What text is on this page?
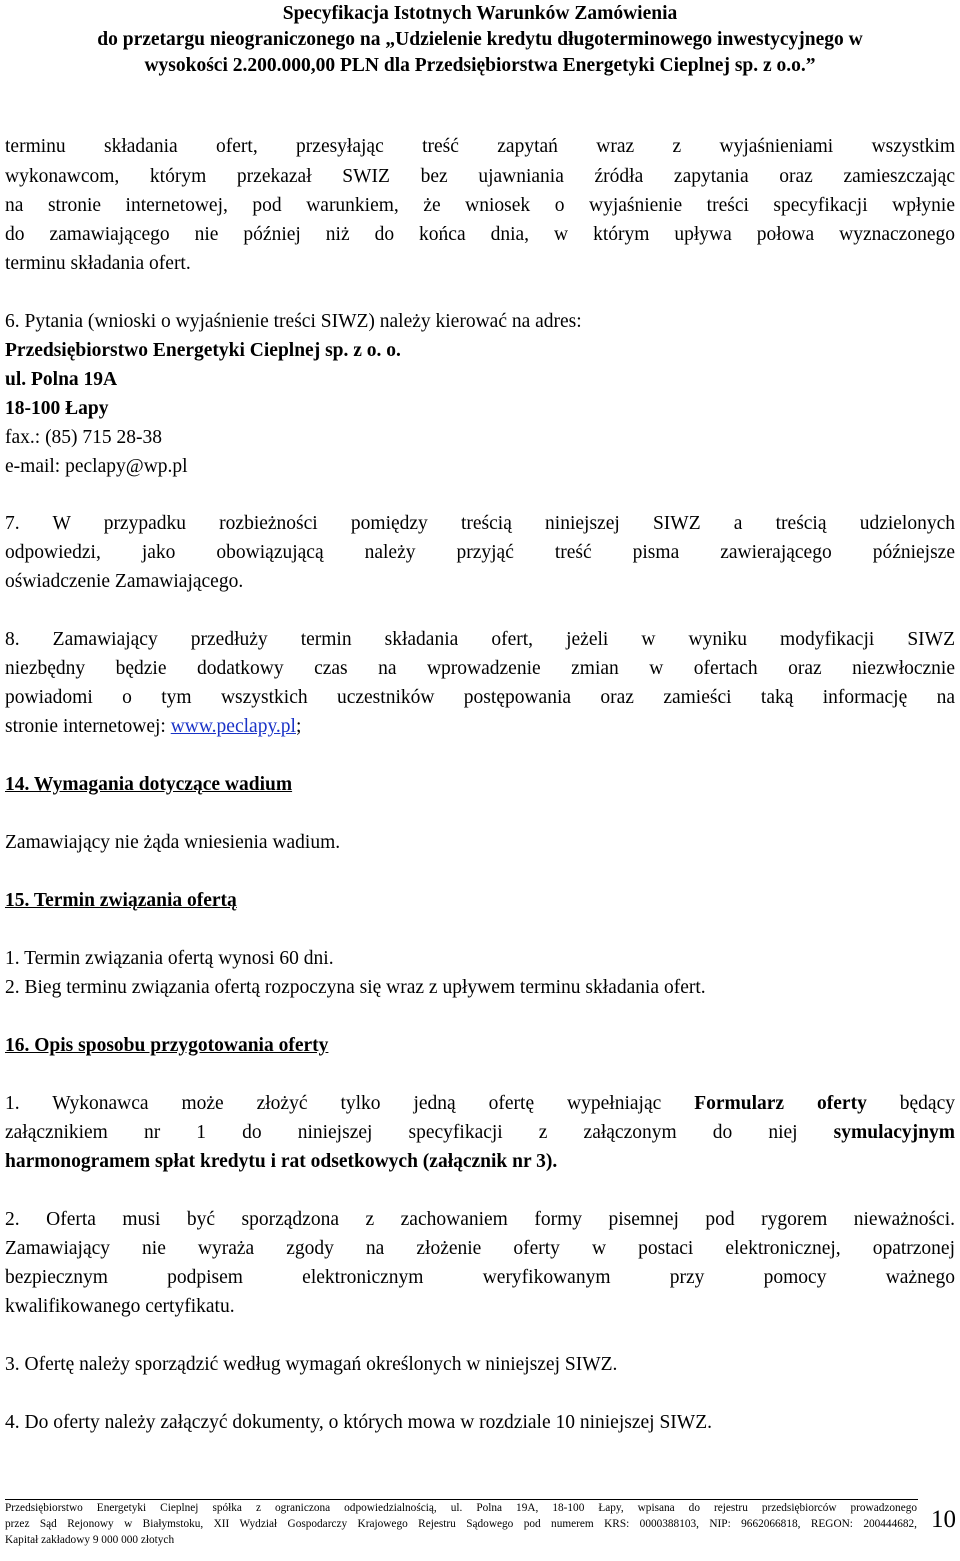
Specyfikacja Istotnych Warunków Zamówienia
do przetargu nieograniczonego na „Udzielenie kredytu długoterminowego inwestycyjnego w
wysokości 2.200.000,00 PLN dla Przedsiębiorstwa Energetyki Cieplnej sp. z o.o.”
terminu składania ofert, przesyłając treść zapytań wraz z wyjaśnieniami wszystkim
wykonawcom, którym przekazał SWIZ bez ujawniania źródła zapytania oraz zamieszczając
na stronie internetowej, pod warunkiem, że wniosek o wyjaśnienie treści specyfikacji wpłynie
do zamawiającego nie później niż do końca dnia, w którym upływa połowa wyznaczonego
terminu składania ofert.
6. Pytania (wnioski o wyjaśnienie treści SIWZ) należy kierować na adres:
Przedsiębiorstwo Energetyki Cieplnej sp. z o. o.
ul. Polna 19A
18-100 Łapy
fax.: (85) 715 28-38
e-mail: peclapy@wp.pl
7. W przypadku rozbieżności pomiędzy treścią niniejszej SIWZ a treścią udzielonych
odpowiedzi, jako obowiązującą należy przyjąć treść pisma zawierającego późniejsze
oświadczenie Zamawiającego.
8. Zamawiający przedłuży termin składania ofert, jeżeli w wyniku modyfikacji SIWZ
niezbędny będzie dodatkowy czas na wprowadzenie zmian w ofertach oraz niezwłocznie
powiadomi o tym wszystkich uczestników postępowania oraz zamieści taką informację na
stronie internetowej: www.peclapy.pl;
14. Wymagania dotyczące wadium
Zamawiający nie żąda wniesienia wadium.
15. Termin związania ofertą
1. Termin związania ofertą wynosi 60 dni.
2. Bieg terminu związania ofertą rozpoczyna się wraz z upływem terminu składania ofert.
16. Opis sposobu przygotowania oferty
1. Wykonawca może złożyć tylko jedną ofertę wypełniając Formularz oferty będący
załącznikiem nr 1 do niniejszej specyfikacji z załączonym do niej symulacyjnym
harmonogramem spłat kredytu i rat odsetkowych (załącznik nr 3).
2. Oferta musi być sporządzona z zachowaniem formy pisemnej pod rygorem nieważności.
Zamawiający nie wyraża zgody na złożenie oferty w postaci elektronicznej, opatrzonej
bezpiecznym podpisem elektronicznym weryfikowanym przy pomocy ważnego
kwalifikowanego certyfikatu.
3. Ofertę należy sporządzić według wymagań określonych w niniejszej SIWZ.
4. Do oferty należy załączyć dokumenty, o których mowa w rozdziale 10 niniejszej SIWZ.
Przedsiębiorstwo Energetyki Cieplnej spółka z ograniczona odpowiedzialnością, ul. Polna 19A, 18-100 Łapy, wpisana do rejestru przedsiębiorców prowadzonego
przez Sąd Rejonowy w Białymstoku, XII Wydział Gospodarczy Krajowego Rejestru Sądowego pod numerem KRS: 0000388103, NIP: 9662066818, REGON: 200444682,
Kapitał zakładowy 9 000 000 złotych
10
